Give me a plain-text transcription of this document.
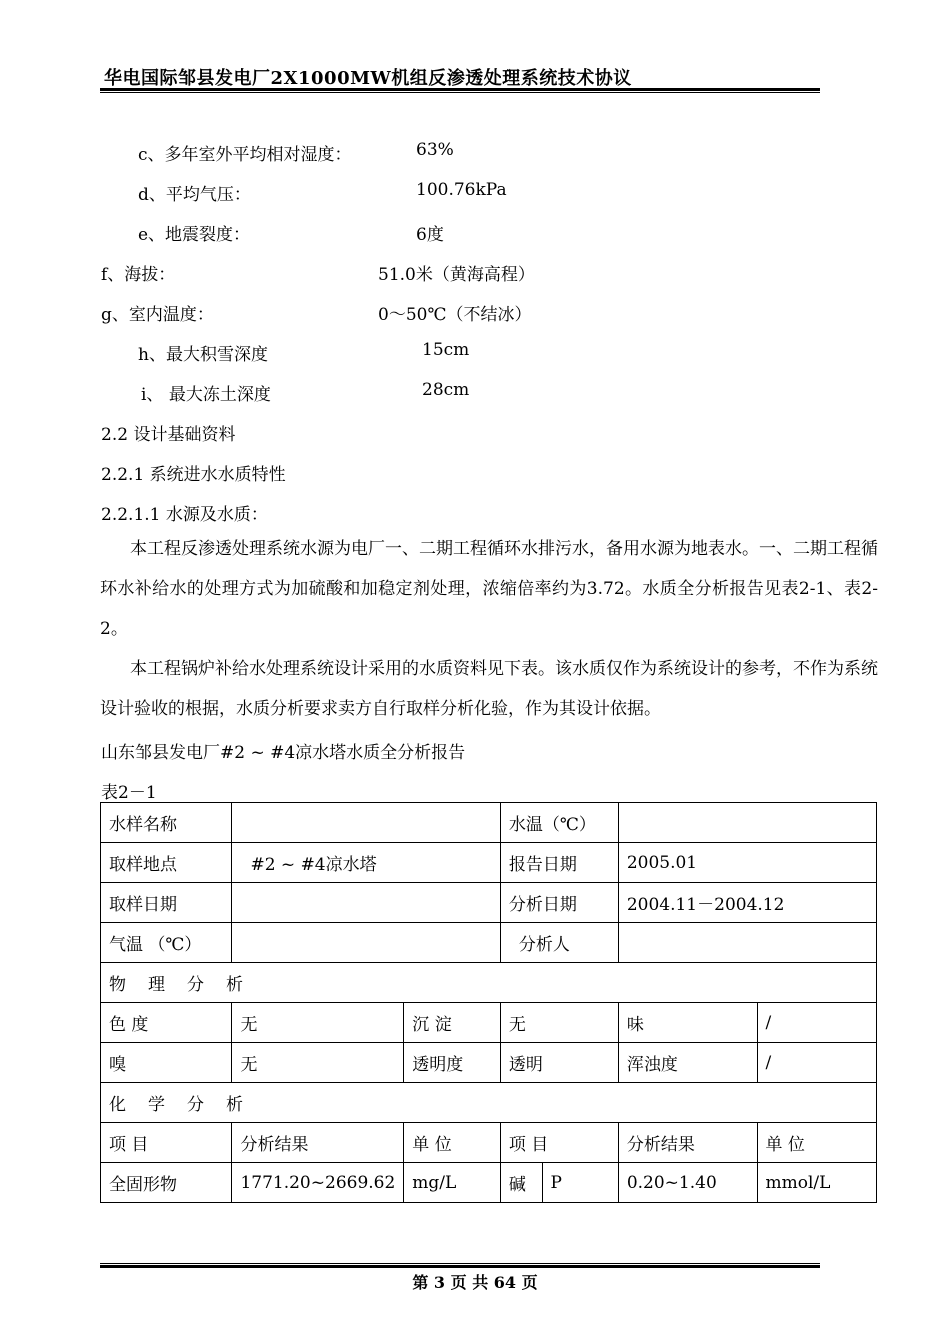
华电国际邹县发电厂2X1000MW机组反渗透处理系统技术协议
c、多年室外平均相对湿度：	63%
d、平均气压：	100.76kPa
e、地震裂度：	6度
f、海拔：	51.0米（黄海高程）
g、室内温度：	0～50℃（不结冰）
h、最大积雪深度	15cm
i、 最大冻土深度	28cm
2.2 设计基础资料
2.2.1 系统进水水质特性
2.2.1.1 水源及水质：
本工程反渗透处理系统水源为电厂一、二期工程循环水排污水，备用水源为地表水。一、二期工程循环水补给水的处理方式为加硫酸和加稳定剂处理，浓缩倍率约为3.72。水质全分析报告见表2-1、表2-2。
本工程锅炉补给水处理系统设计采用的水质资料见下表。该水质仅作为系统设计的参考，不作为系统设计验收的根据，水质分析要求卖方自行取样分析化验，作为其设计依据。
山东邹县发电厂#2 ~ #4凉水塔水质全分析报告
表2－1
水样名称			水温（℃）			
取样地点	#2 ~ #4凉水塔		报告日期		2005.01	
取样日期			分析日期		2004.11－2004.12	
气温 （℃）			分析人			
物理分析						
色 度	无	沉 淀	无		味	/
嗅	无	透明度	透明		浑浊度	/
化学分析						
项 目	分析结果	单 位	项 目		分析结果	单 位
全固形物	1771.20~2669.62	mg/L	碱	P	0.20~1.40	mmol/L
第 3 页 共 64 页
